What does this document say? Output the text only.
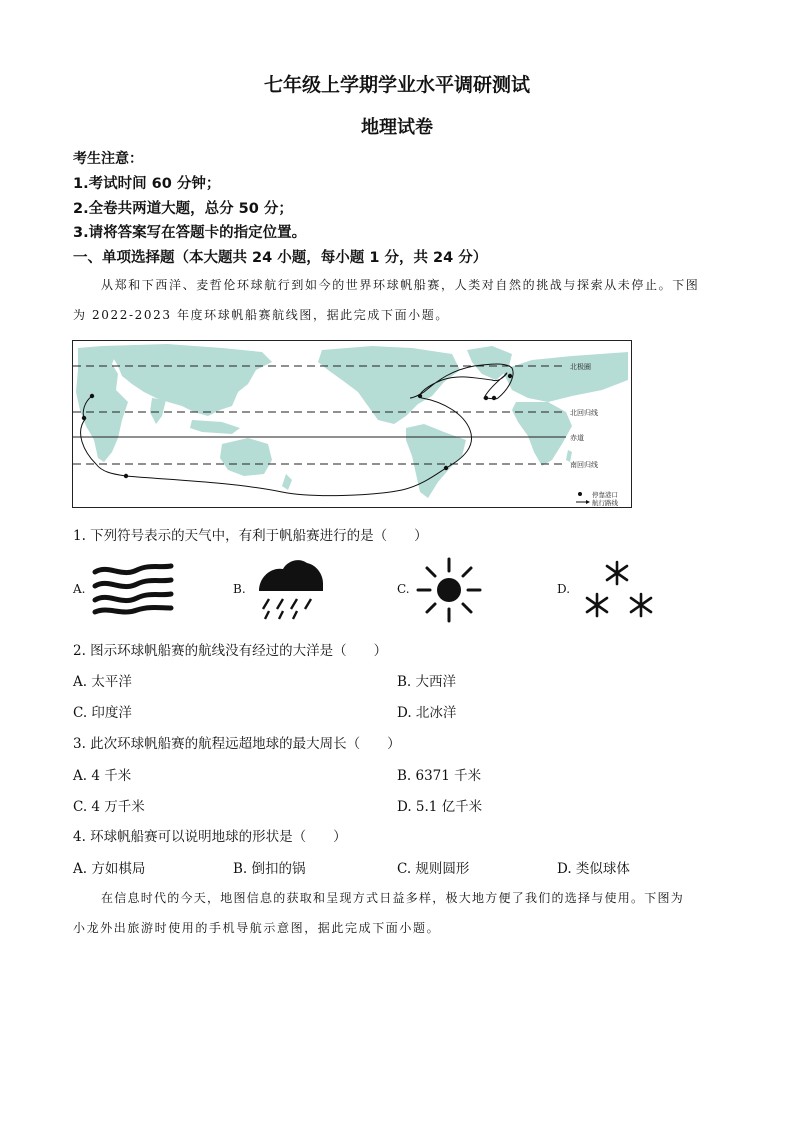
七年级上学期学业水平调研测试
地理试卷
考生注意：
1.考试时间 60 分钟；
2.全卷共两道大题，总分 50 分；
3.请将答案写在答题卡的指定位置。
一、单项选择题（本大题共 24 小题，每小题 1 分，共 24 分）
从郑和下西洋、麦哲伦环球航行到如今的世界环球帆船赛，人类对自然的挑战与探索从未停止。下图
为 2022-2023 年度环球帆船赛航线图，据此完成下面小题。
北极圈
北回归线
赤道
南回归线
停靠港口
航行路线
1. 下列符号表示的天气中，有利于帆船赛进行的是（　　）
A.	B.	C.	D.
2. 图示环球帆船赛的航线没有经过的大洋是（　　）
A. 太平洋	B. 大西洋
C. 印度洋	D. 北冰洋
3. 此次环球帆船赛的航程远超地球的最大周长（　　）
A. 4 千米	B. 6371 千米
C. 4 万千米	D. 5.1 亿千米
4. 环球帆船赛可以说明地球的形状是（　　）
A. 方如棋局	B. 倒扣的锅	C. 规则圆形	D. 类似球体
在信息时代的今天，地图信息的获取和呈现方式日益多样，极大地方便了我们的选择与使用。下图为
小龙外出旅游时使用的手机导航示意图，据此完成下面小题。
